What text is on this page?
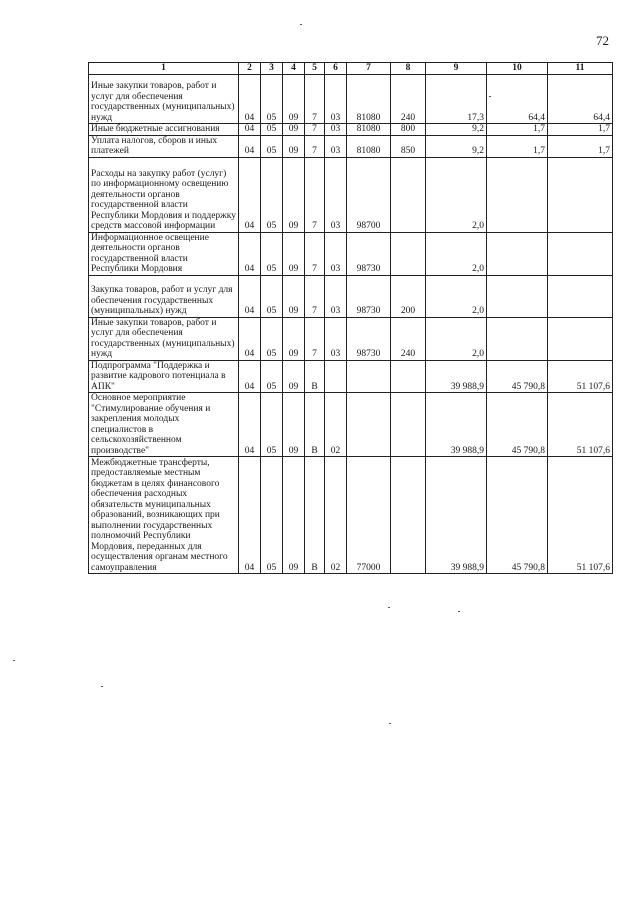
72
1	2	3	4	5	6	7	8	9	10	11
Иные закупки товаров, работ и услуг для обеспечения государственных (муниципальных) нужд	04	05	09	7	03	81080	240	17,3	64,4	64,4
Иные бюджетные ассигнования	04	05	09	7	03	81080	800	9,2	1,7	1,7
Уплата налогов, сборов и иных платежей	04	05	09	7	03	81080	850	9,2	1,7	1,7
Расходы на закупку работ (услуг) по информационному освещению деятельности органов государственной власти Республики Мордовия и поддержку средств массовой информации	04	05	09	7	03	98700		2,0		
Информационное освещение деятельности органов государственной власти Республики Мордовия	04	05	09	7	03	98730		2,0		
Закупка товаров, работ и услуг для обеспечения государственных (муниципальных) нужд	04	05	09	7	03	98730	200	2,0		
Иные закупки товаров, работ и услуг для обеспечения государственных (муниципальных) нужд	04	05	09	7	03	98730	240	2,0		
Подпрограмма "Поддержка и развитие кадрового потенциала в АПК"	04	05	09	В				39 988,9	45 790,8	51 107,6
Основное мероприятие "Стимулирование обучения и закрепления молодых специалистов в сельскохозяйственном производстве"	04	05	09	В	02			39 988,9	45 790,8	51 107,6
Межбюджетные трансферты, предоставляемые местным бюджетам в целях финансового обеспечения расходных обязательств муниципальных образований, возникающих при выполнении государственных полномочий Республики Мордовия, переданных для осуществления органам местного самоуправления	04	05	09	В	02	77000		39 988,9	45 790,8	51 107,6
